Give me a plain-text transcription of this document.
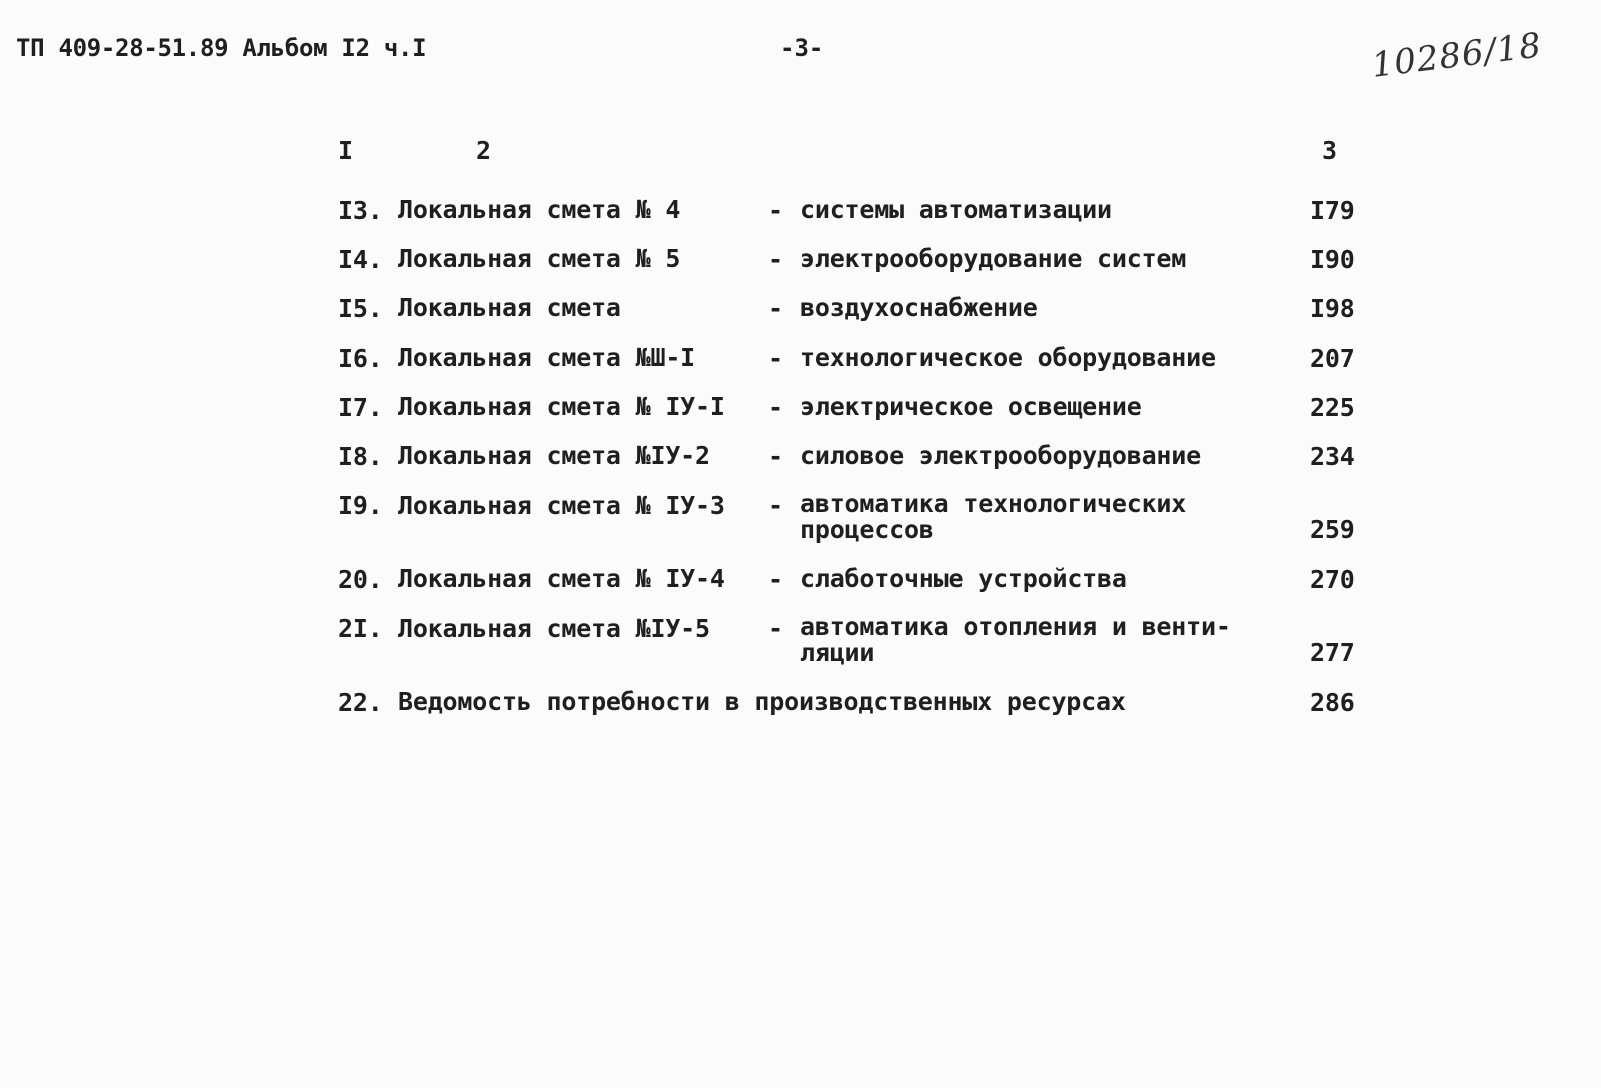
ТП 409-28-51.89 Альбом I2 ч.I	-3-	10286/18
I	2	3
I3. Локальная смета № 4	- системы автоматизации	I79
I4. Локальная смета № 5	- электрооборудование систем	I90
I5. Локальная смета	- воздухоснабжение	I98
I6. Локальная смета №Ш-I	- технологическое оборудование	207
I7. Локальная смета № IУ-I - электрическое освещение	225
I8. Локальная смета №IУ-2 - силовое электрооборудование	234
I9. Локальная смета № IУ-3 - автоматика технологических процессов	259
20. Локальная смета № IУ-4 - слаботочные устройства	270
2I. Локальная смета №IУ-5 - автоматика отопления и венти-ляции	277
22. Ведомость потребности в производственных ресурсах	286
